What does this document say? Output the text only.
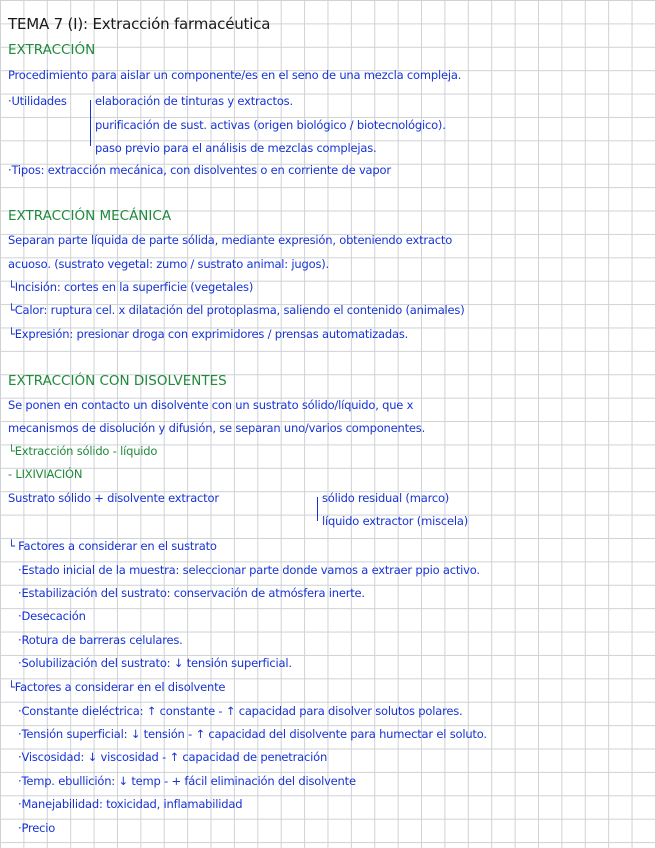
TEMA 7 (I): Extracción farmacéutica
EXTRACCIÓN
Procedimiento para aislar un componente/es en el seno de una mezcla compleja.
·Utilidades elaboración de tinturas y extractos.
purificación de sust. activas (origen biológico / biotecnológico).
paso previo para el análisis de mezclas complejas.
·Tipos: extracción mecánica, con disolventes o en corriente de vapor
EXTRACCIÓN MECÁNICA
Separan parte líquida de parte sólida, mediante expresión, obteniendo extracto
acuoso. (sustrato vegetal: zumo / sustrato animal: jugos).
└Incisión: cortes en la superficie (vegetales)
└Calor: ruptura cel. x dilatación del protoplasma, saliendo el contenido (animales)
└Expresión: presionar droga con exprimidores / prensas automatizadas.
EXTRACCIÓN CON DISOLVENTES
Se ponen en contacto un disolvente con un sustrato sólido/líquido, que x
mecanismos de disolución y difusión, se separan uno/varios componentes.
└Extracción sólido - líquido
- LIXIVIACIÓN
Sustrato sólido + disolvente extractor	sólido residual (marco)
líquido extractor (miscela)
└ Factores a considerar en el sustrato
·Estado inicial de la muestra: seleccionar parte donde vamos a extraer ppio activo.
·Estabilización del sustrato: conservación de atmósfera inerte.
·Desecación
·Rotura de barreras celulares.
·Solubilización del sustrato: ↓ tensión superficial.
└Factores a considerar en el disolvente
·Constante dieléctrica: ↑ constante - ↑ capacidad para disolver solutos polares.
·Tensión superficial: ↓ tensión - ↑ capacidad del disolvente para humectar el soluto.
·Viscosidad: ↓ viscosidad - ↑ capacidad de penetración
·Temp. ebullición: ↓ temp - + fácil eliminación del disolvente
·Manejabilidad: toxicidad, inflamabilidad
·Precio
